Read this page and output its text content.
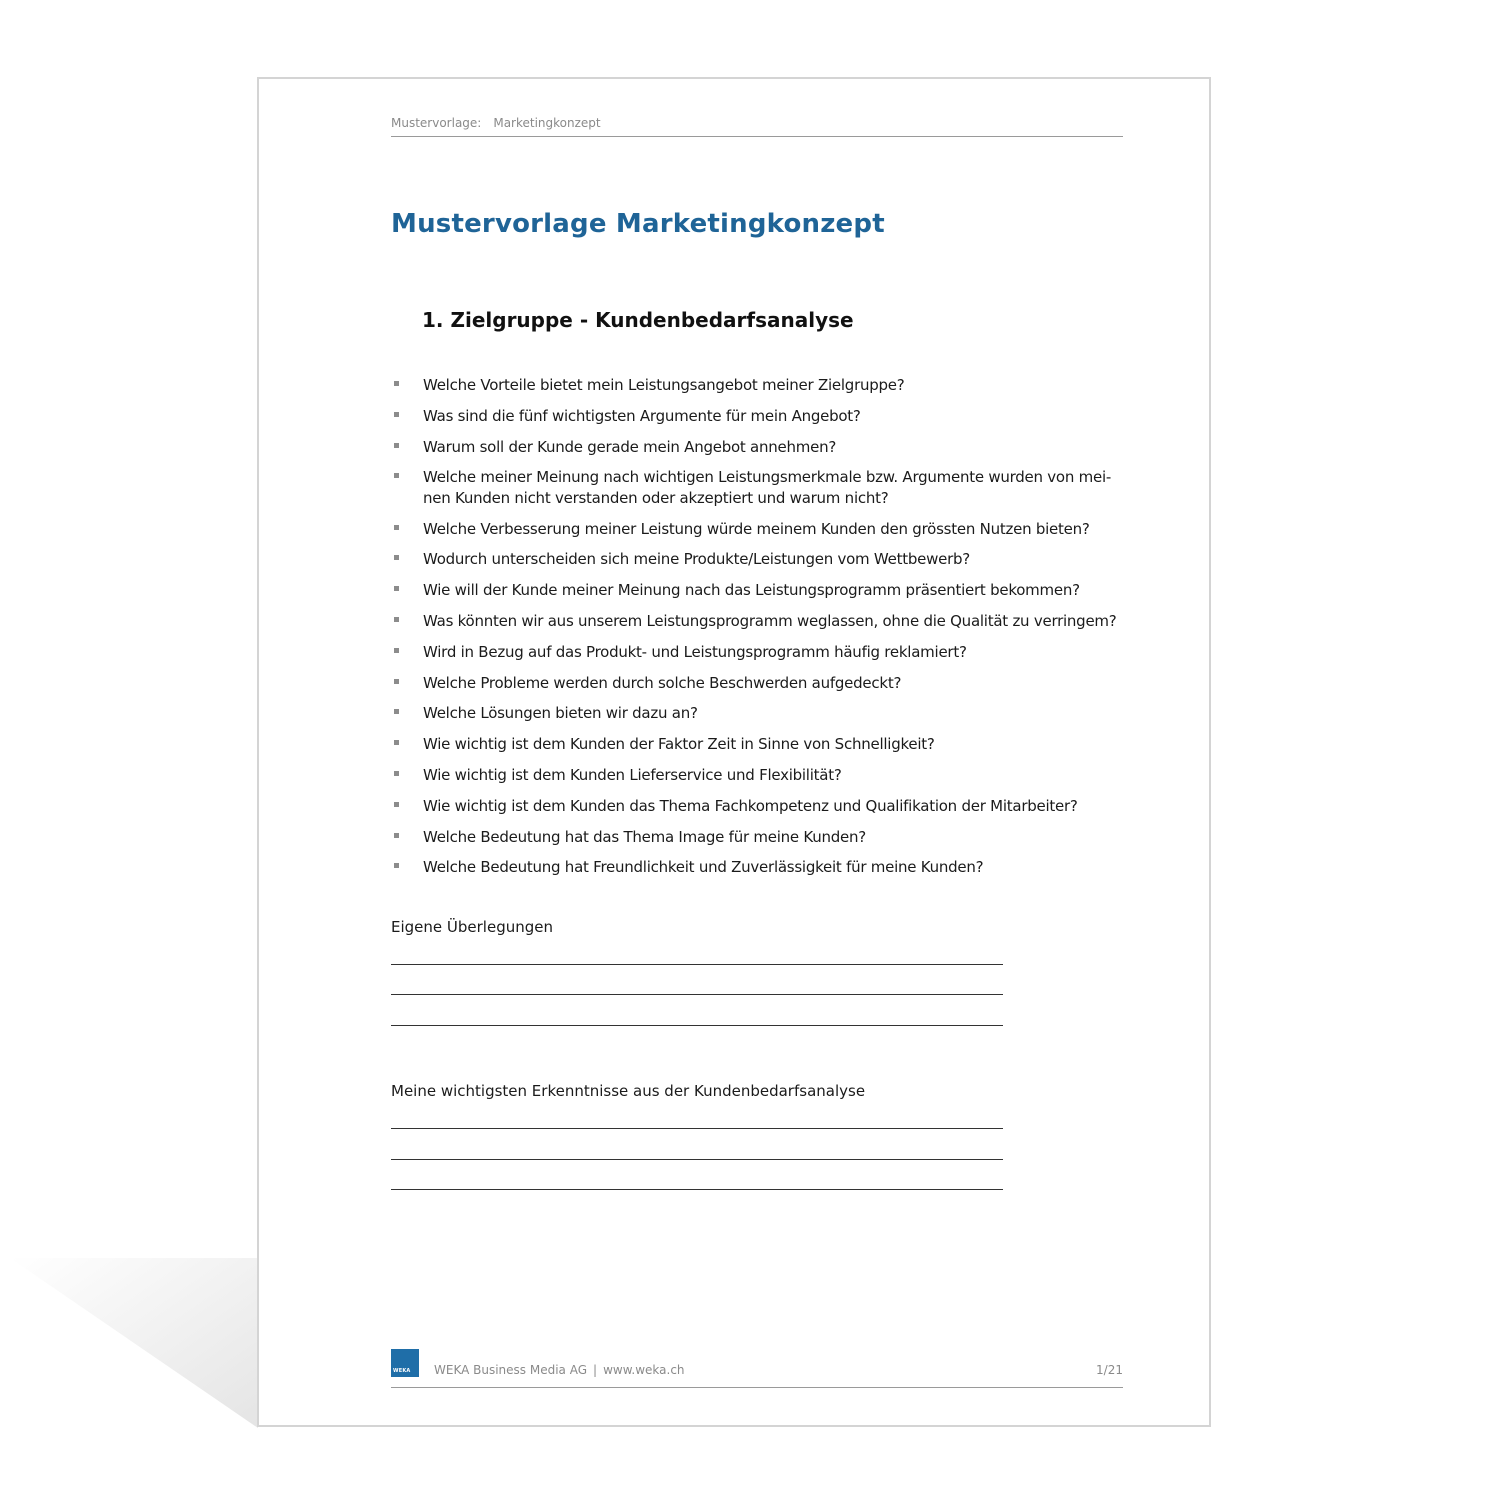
Mustervorlage: Marketingkonzept
Mustervorlage Marketingkonzept
1. Zielgruppe - Kundenbedarfsanalyse
Welche Vorteile bietet mein Leistungsangebot meiner Zielgruppe?
Was sind die fünf wichtigsten Argumente für mein Angebot?
Warum soll der Kunde gerade mein Angebot annehmen?
Welche meiner Meinung nach wichtigen Leistungsmerkmale bzw. Argumente wurden von mei-nen Kunden nicht verstanden oder akzeptiert und warum nicht?
Welche Verbesserung meiner Leistung würde meinem Kunden den grössten Nutzen bieten?
Wodurch unterscheiden sich meine Produkte/Leistungen vom Wettbewerb?
Wie will der Kunde meiner Meinung nach das Leistungsprogramm präsentiert bekommen?
Was könnten wir aus unserem Leistungsprogramm weglassen, ohne die Qualität zu verringem?
Wird in Bezug auf das Produkt- und Leistungsprogramm häufig reklamiert?
Welche Probleme werden durch solche Beschwerden aufgedeckt?
Welche Lösungen bieten wir dazu an?
Wie wichtig ist dem Kunden der Faktor Zeit in Sinne von Schnelligkeit?
Wie wichtig ist dem Kunden Lieferservice und Flexibilität?
Wie wichtig ist dem Kunden das Thema Fachkompetenz und Qualifikation der Mitarbeiter?
Welche Bedeutung hat das Thema Image für meine Kunden?
Welche Bedeutung hat Freundlichkeit und Zuverlässigkeit für meine Kunden?
Eigene Überlegungen
Meine wichtigsten Erkenntnisse aus der Kundenbedarfsanalyse
WEKA WEKA Business Media AG | www.weka.ch	1/21
